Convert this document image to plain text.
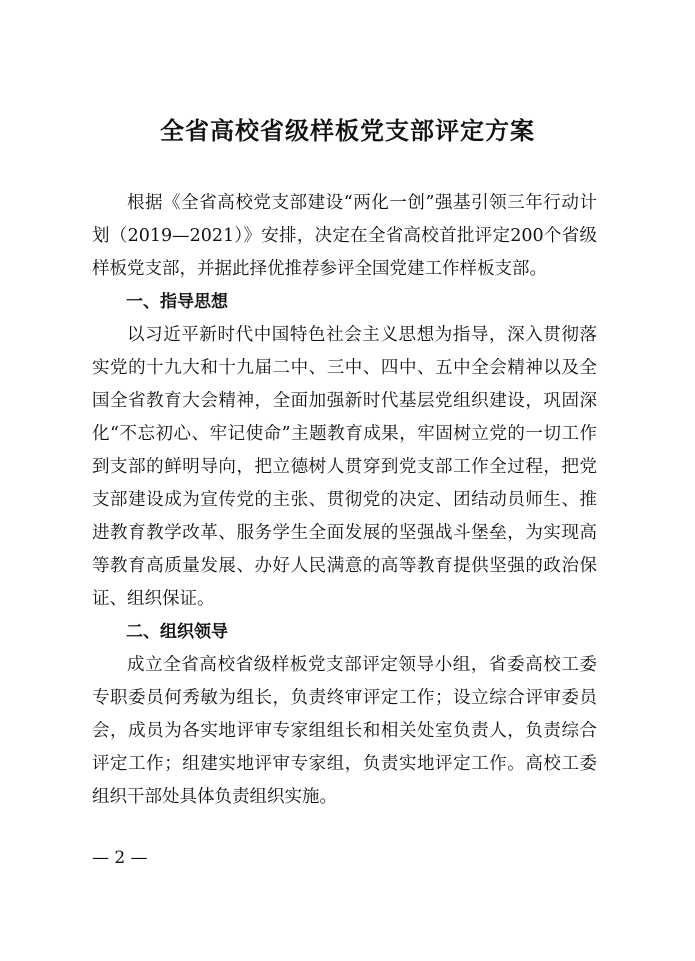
全省高校省级样板党支部评定方案

根据《全省高校党支部建设“两化一创”强基引领三年行动计划（2019—2021）》安排，决定在全省高校首批评定200个省级样板党支部，并据此择优推荐参评全国党建工作样板支部。

一、指导思想

以习近平新时代中国特色社会主义思想为指导，深入贯彻落实党的十九大和十九届二中、三中、四中、五中全会精神以及全国全省教育大会精神，全面加强新时代基层党组织建设，巩固深化“不忘初心、牢记使命”主题教育成果，牢固树立党的一切工作到支部的鲜明导向，把立德树人贯穿到党支部工作全过程，把党支部建设成为宣传党的主张、贯彻党的决定、团结动员师生、推进教育教学改革、服务学生全面发展的坚强战斗堡垒，为实现高等教育高质量发展、办好人民满意的高等教育提供坚强的政治保证、组织保证。

二、组织领导

成立全省高校省级样板党支部评定领导小组，省委高校工委专职委员何秀敏为组长，负责终审评定工作；设立综合评审委员会，成员为各实地评审专家组组长和相关处室负责人，负责综合评定工作；组建实地评审专家组，负责实地评定工作。高校工委组织干部处具体负责组织实施。

— 2 —
